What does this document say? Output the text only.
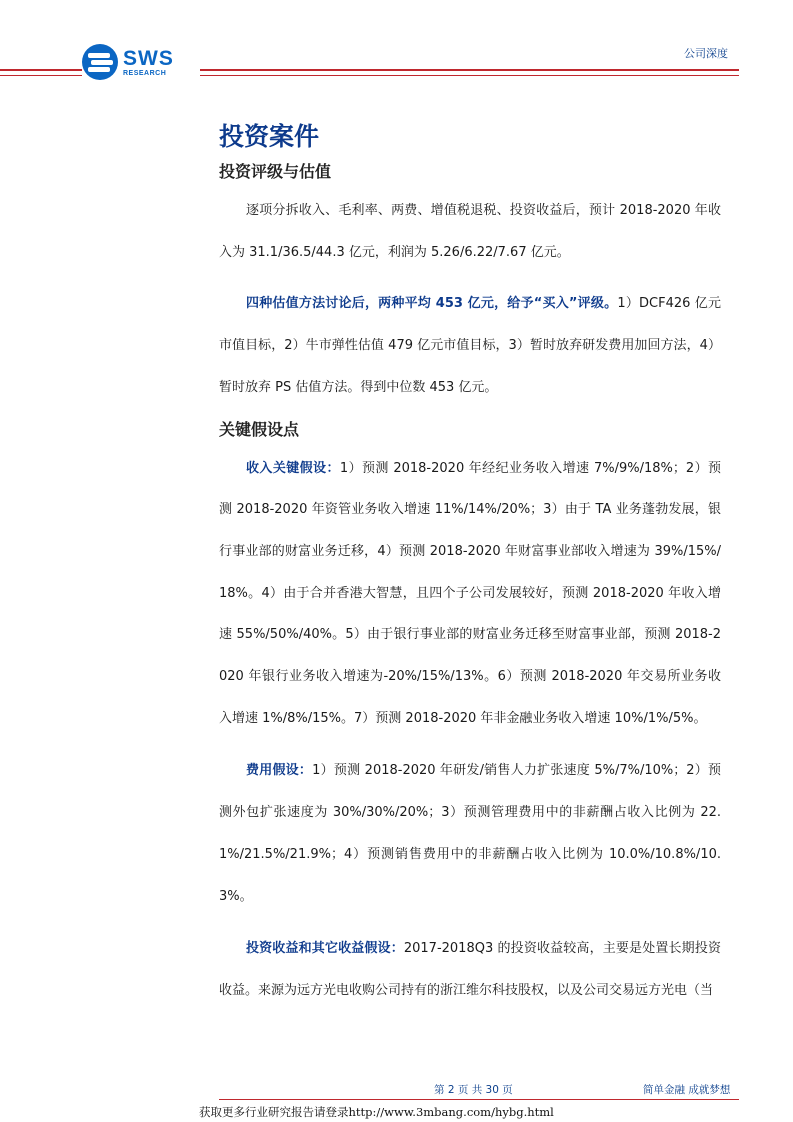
SWS
RESEARCH
公司深度
投资案件
投资评级与估值

逐项分拆收入、毛利率、两费、增值税退税、投资收益后，预计 2018-2020 年收入为 31.1/36.5/44.3 亿元，利润为 5.26/6.22/7.67 亿元。

四种估值方法讨论后，两种平均 453 亿元，给予“买入”评级。1）DCF426 亿元市值目标，2）牛市弹性估值 479 亿元市值目标，3）暂时放弃研发费用加回方法，4）暂时放弃 PS 估值方法。得到中位数 453 亿元。

关键假设点

收入关键假设：1）预测 2018-2020 年经纪业务收入增速 7%/9%/18%；2）预测 2018-2020 年资管业务收入增速 11%/14%/20%；3）由于 TA 业务蓬勃发展，银行事业部的财富业务迁移，4）预测 2018-2020 年财富事业部收入增速为 39%/15%/18%。4）由于合并香港大智慧，且四个子公司发展较好，预测 2018-2020 年收入增速 55%/50%/40%。5）由于银行事业部的财富业务迁移至财富事业部，预测 2018-2020 年银行业务收入增速为-20%/15%/13%。6）预测 2018-2020 年交易所业务收入增速 1%/8%/15%。7）预测 2018-2020 年非金融业务收入增速 10%/1%/5%。

费用假设：1）预测 2018-2020 年研发/销售人力扩张速度 5%/7%/10%；2）预测外包扩张速度为 30%/30%/20%；3）预测管理费用中的非薪酬占收入比例为 22.1%/21.5%/21.9%；4）预测销售费用中的非薪酬占收入比例为 10.0%/10.8%/10.3%。

投资收益和其它收益假设：2017-2018Q3 的投资收益较高，主要是处置长期投资收益。来源为远方光电收购公司持有的浙江维尔科技股权，以及公司交易远方光电（当

第 2 页 共 30 页	简单金融 成就梦想
获取更多行业研究报告请登录http://www.3mbang.com/hybg.html
